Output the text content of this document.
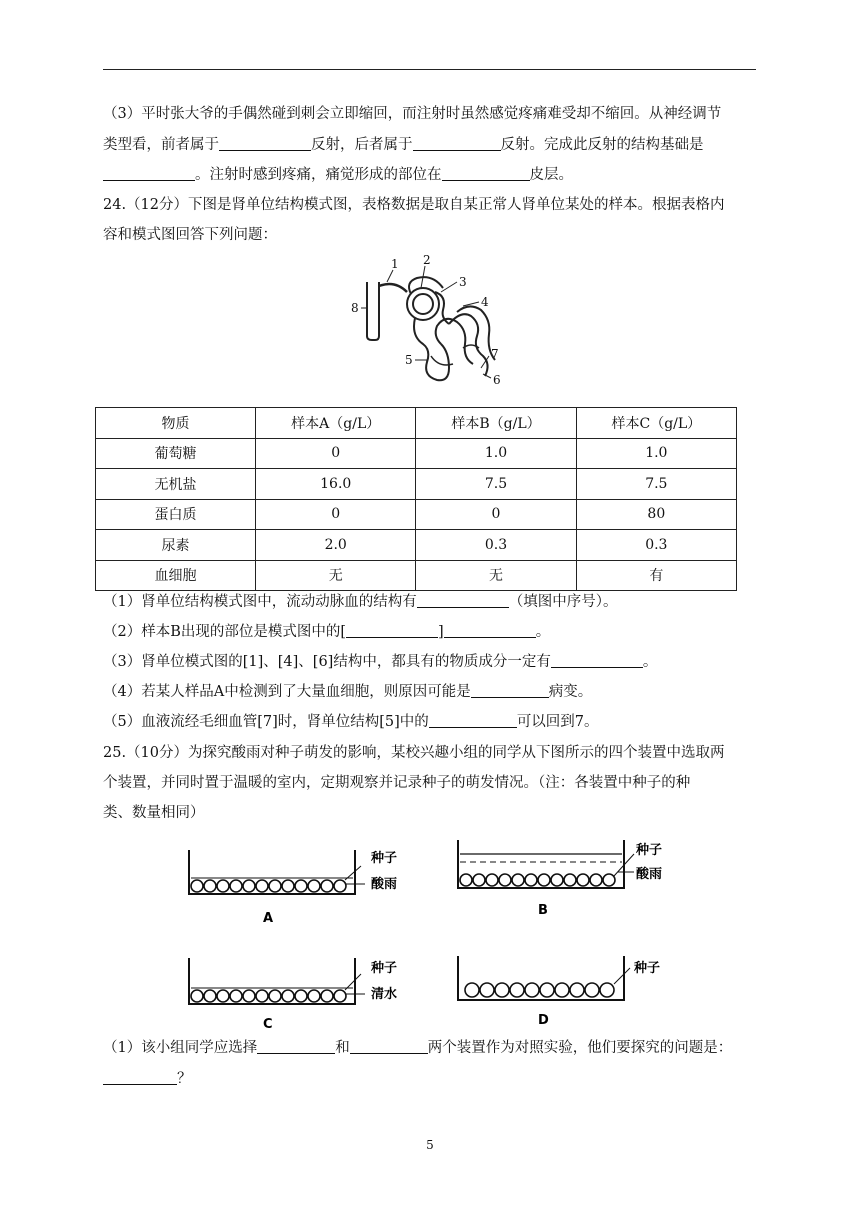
（3）平时张大爷的手偶然碰到刺会立即缩回，而注射时虽然感觉疼痛难受却不缩回。从神经调节
类型看，前者属于	反射，后者属于	反射。完成此反射的结构基础是
。注射时感到疼痛，痛觉形成的部位在	皮层。
24.（12分）下图是肾单位结构模式图，表格数据是取自某正常人肾单位某处的样本。根据表格内
容和模式图回答下列问题：
1 2
3
4
5
6
7
8
物质	样本A（g/L）	样本B（g/L）	样本C（g/L）
葡萄糖	0	1.0	1.0
无机盐	16.0	7.5	7.5
蛋白质	0	0	80
尿素	2.0	0.3	0.3
血细胞	无	无	有
（1）肾单位结构模式图中，流动动脉血的结构有	（填图中序号）。
（2）样本B出现的部位是模式图中的[	]	。
（3）肾单位模式图的[1]、[4]、[6]结构中，都具有的物质成分一定有	。
（4）若某人样品A中检测到了大量血细胞，则原因可能是	病变。
（5）血液流经毛细血管[7]时，肾单位结构[5]中的	可以回到7。
25.（10分）为探究酸雨对种子萌发的影响，某校兴趣小组的同学从下图所示的四个装置中选取两
个装置，并同时置于温暖的室内，定期观察并记录种子的萌发情况。（注：各装置中种子的种
类、数量相同）
种子
酸雨
A
种子
酸雨
B
种子
清水
C
种子
D
（1）该小组同学应选择	和	两个装置作为对照实验，他们要探究的问题是：
？
5
